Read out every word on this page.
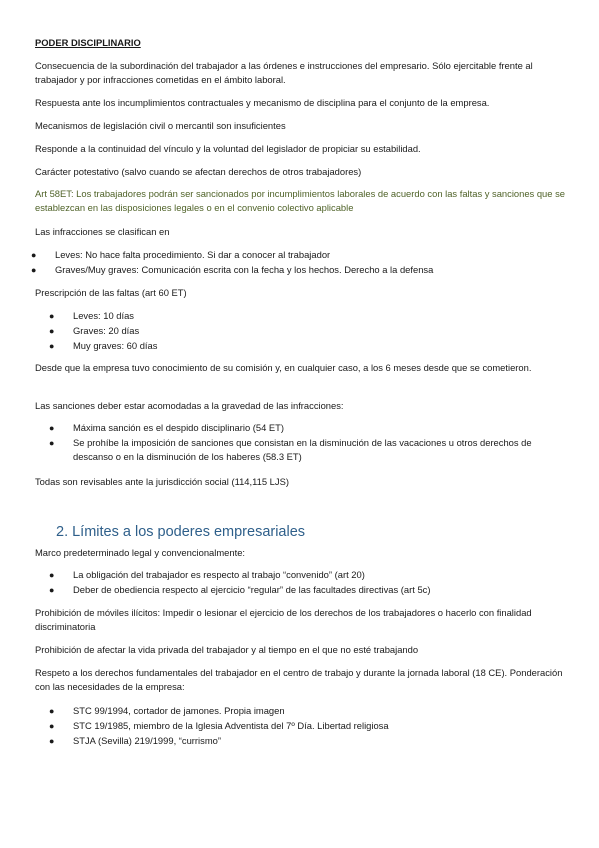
PODER DISCIPLINARIO

Consecuencia de la subordinación del trabajador a las órdenes e instrucciones del empresario. Sólo ejercitable frente al trabajador y por infracciones cometidas en el ámbito laboral.

Respuesta ante los incumplimientos contractuales y mecanismo de disciplina para el conjunto de la empresa.

Mecanismos de legislación civil o mercantil son insuficientes

Responde a la continuidad del vínculo y la voluntad del legislador de propiciar su estabilidad.

Carácter potestativo (salvo cuando se afectan derechos de otros trabajadores)

Art 58ET: Los trabajadores podrán ser sancionados por incumplimientos laborales de acuerdo con las faltas y sanciones que se establezcan en las disposiciones legales o en el convenio colectivo aplicable

Las infracciones se clasifican en

● Leves: No hace falta procedimiento. Si dar a conocer al trabajador
● Graves/Muy graves: Comunicación escrita con la fecha y los hechos. Derecho a la defensa

Prescripción de las faltas (art 60 ET)

● Leves: 10 días
● Graves: 20 días
● Muy graves: 60 días

Desde que la empresa tuvo conocimiento de su comisión y, en cualquier caso, a los 6 meses desde que se cometieron.

Las sanciones deber estar acomodadas a la gravedad de las infracciones:

● Máxima sanción es el despido disciplinario (54 ET)
● Se prohíbe la imposición de sanciones que consistan en la disminución de las vacaciones u otros derechos de descanso o en la disminución de los haberes (58.3 ET)

Todas son revisables ante la jurisdicción social (114,115 LJS)

2. Límites a los poderes empresariales

Marco predeterminado legal y convencionalmente:

● La obligación del trabajador es respecto al trabajo “convenido” (art 20)
● Deber de obediencia respecto al ejercicio “regular” de las facultades directivas (art 5c)

Prohibición de móviles ilícitos: Impedir o lesionar el ejercicio de los derechos de los trabajadores o hacerlo con finalidad discriminatoria

Prohibición de afectar la vida privada del trabajador y al tiempo en el que no esté trabajando

Respeto a los derechos fundamentales del trabajador en el centro de trabajo y durante la jornada laboral (18 CE). Ponderación con las necesidades de la empresa:

● STC 99/1994, cortador de jamones. Propia imagen
● STC 19/1985, miembro de la Iglesia Adventista del 7º Día. Libertad religiosa
● STJA (Sevilla) 219/1999, “currismo”
